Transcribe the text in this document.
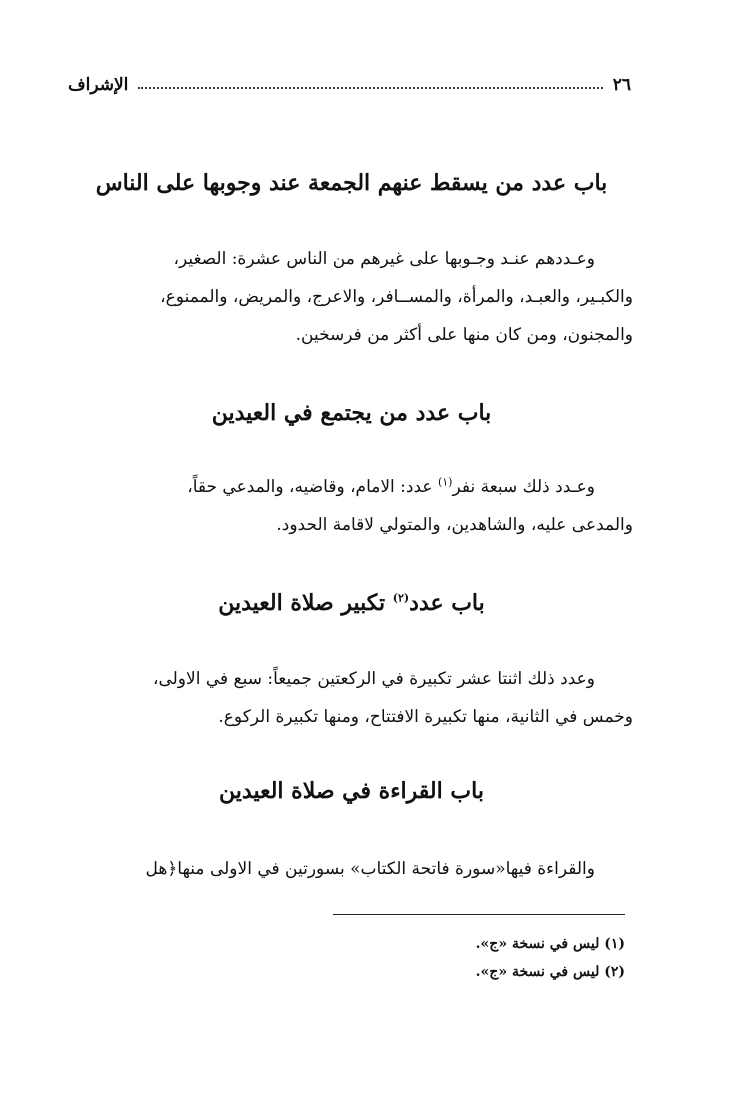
٢٦
الإشراف
باب عدد من يسقط عنهم الجمعة عند وجوبها على الناس
وعـددهم عنـد وجـوبها على غيرهم من الناس عشرة: الصغير،
والكبـير، والعبـد، والمرأة، والمســافر، والاعرج، والمريض، والممنوع،
والمجنون، ومن كان منها على أكثر من فرسخين.
باب عدد من يجتمع في العيدين
وعـدد ذلك سبعة نفر$^{(١)}$ عدد: الامام، وقاضيه، والمدعي حقاً،
والمدعى عليه، والشاهدين، والمتولي لاقامة الحدود.
باب عدد$^{(٢)}$ تكبير صلاة العيدين
وعدد ذلك اثنتا عشر تكبيرة في الركعتين جميعاً: سبع في الاولى،
وخمس في الثانية، منها تكبيرة الافتتاح، ومنها تكبيرة الركوع.
باب القراءة في صلاة العيدين
والقراءة فيها«سورة فاتحة الكتاب» بسورتين في الاولى منها﴿هل
(١) ليس في نسخة «ج».
(٢) ليس في نسخة «ج».
